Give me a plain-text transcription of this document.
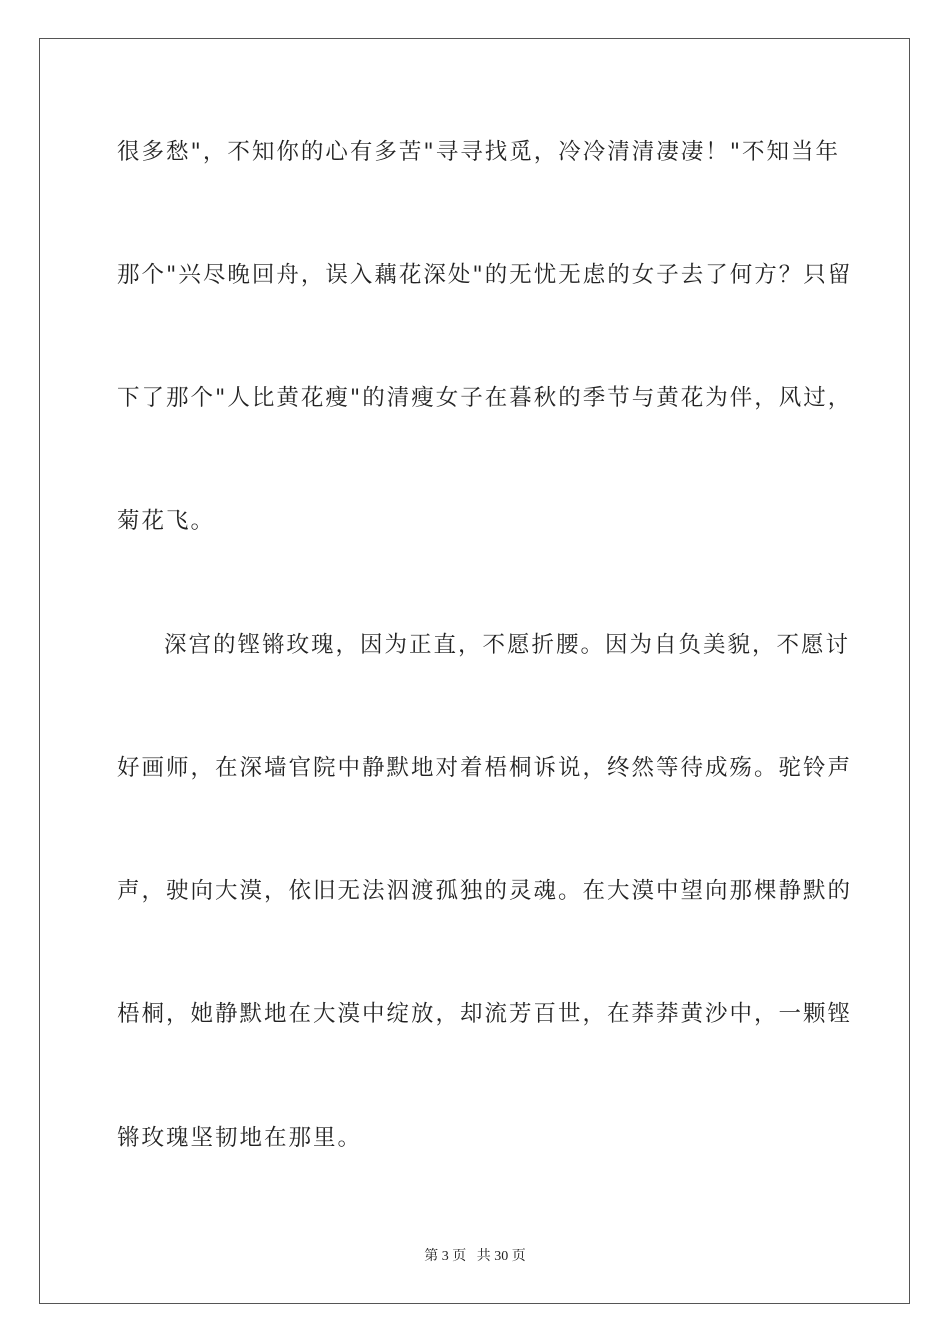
很多愁"，不知你的心有多苦"寻寻找觅，冷冷清清凄凄！"不知当年
那个"兴尽晚回舟，误入藕花深处"的无忧无虑的女子去了何方？只留
下了那个"人比黄花瘦"的清瘦女子在暮秋的季节与黄花为伴，风过，
菊花飞。
深宫的铿锵玫瑰，因为正直，不愿折腰。因为自负美貌，不愿讨
好画师，在深墙官院中静默地对着梧桐诉说，终然等待成殇。驼铃声
声，驶向大漠，依旧无法泅渡孤独的灵魂。在大漠中望向那棵静默的
梧桐，她静默地在大漠中绽放，却流芳百世，在莽莽黄沙中，一颗铿
锵玫瑰坚韧地在那里。
第 3 页 共 30 页
